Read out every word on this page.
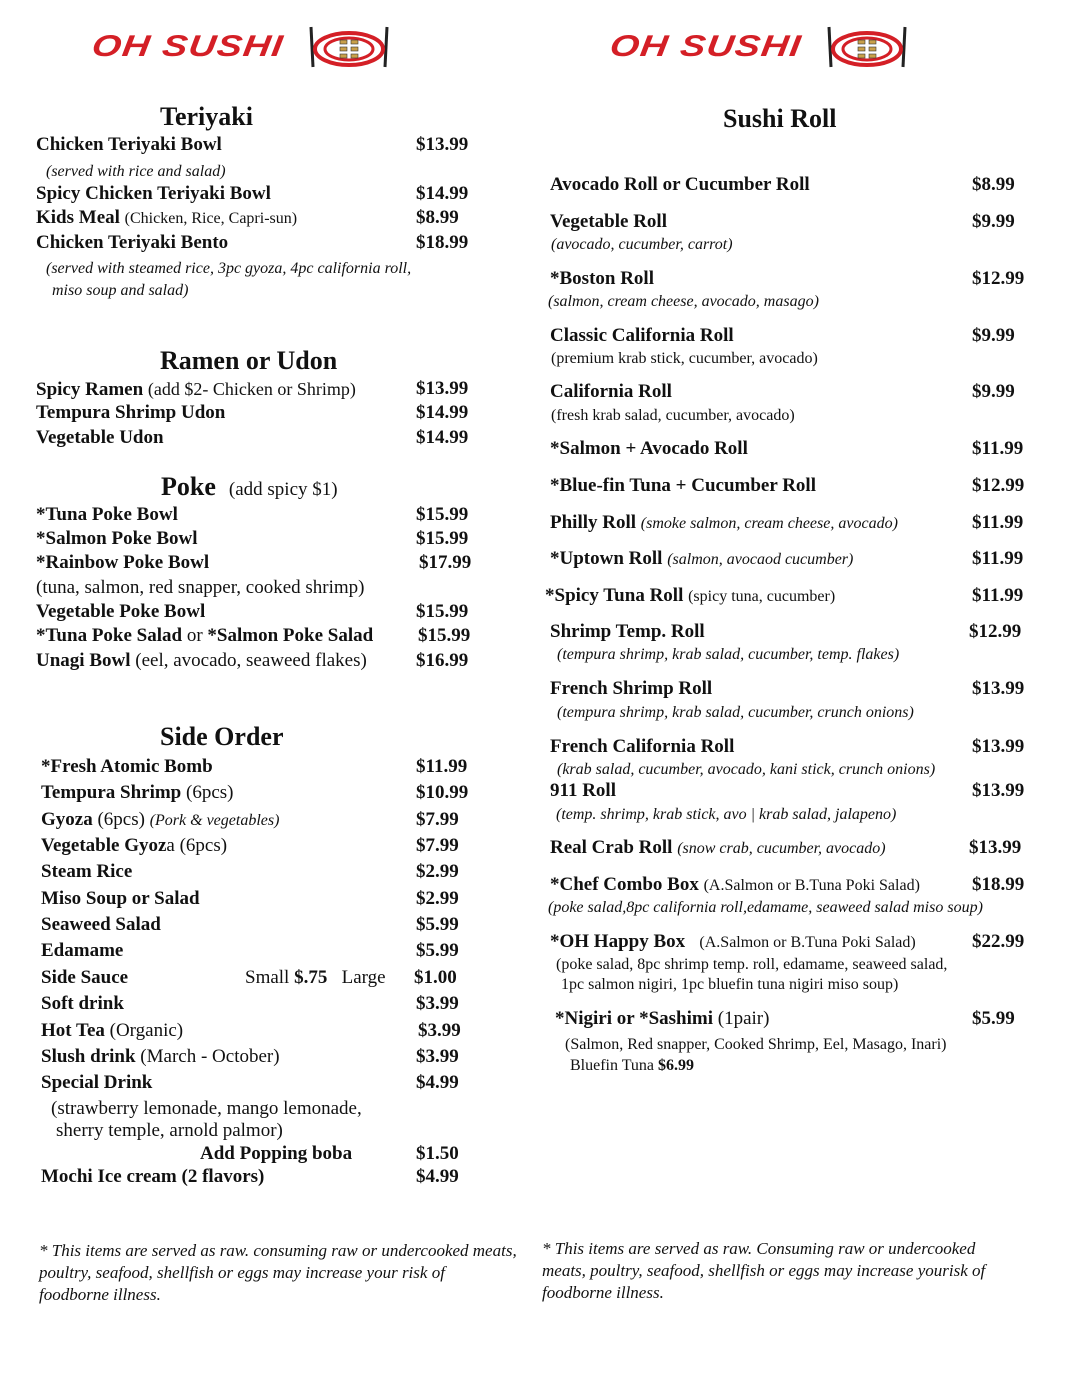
OH SUSHI	OH SUSHI
Teriyaki
Chicken Teriyaki Bowl	$13.99
(served with rice and salad)
Spicy Chicken Teriyaki Bowl	$14.99
Kids Meal (Chicken, Rice, Capri-sun)	$8.99
Chicken Teriyaki Bento	$18.99
(served with steamed rice, 3pc gyoza, 4pc california roll,
miso soup and salad)
Ramen or Udon
Spicy Ramen (add $2- Chicken or Shrimp)	$13.99
Tempura Shrimp Udon	$14.99
Vegetable Udon	$14.99
Poke (add spicy $1)
*Tuna Poke Bowl	$15.99
*Salmon Poke Bowl	$15.99
*Rainbow Poke Bowl	$17.99
(tuna, salmon, red snapper, cooked shrimp)
Vegetable Poke Bowl	$15.99
*Tuna Poke Salad or *Salmon Poke Salad $15.99
Unagi Bowl (eel, avocado, seaweed flakes)	$16.99
Side Order
*Fresh Atomic Bomb	$11.99
Tempura Shrimp (6pcs)	$10.99
Gyoza (6pcs) (Pork & vegetables)	$7.99
Vegetable Gyoza (6pcs)	$7.99
Steam Rice	$2.99
Miso Soup or Salad	$2.99
Seaweed Salad	$5.99
Edamame	$5.99
Side Sauce	Small $.75 Large $1.00
Soft drink	$3.99
Hot Tea (Organic)	$3.99
Slush drink (March - October)	$3.99
Special Drink	$4.99
(strawberry lemonade, mango lemonade,
sherry temple, arnold palmor)
Add Popping boba	$1.50
Mochi Ice cream (2 flavors)	$4.99
* This items are served as raw. consuming raw or undercooked meats, poultry, seafood, shellfish or eggs may increase your risk of foodborne illness.
Sushi Roll
Avocado Roll or Cucumber Roll	$8.99
Vegetable Roll	$9.99
(avocado, cucumber, carrot)
*Boston Roll	$12.99
(salmon, cream cheese, avocado, masago)
Classic California Roll	$9.99
(premium krab stick, cucumber, avocado)
California Roll	$9.99
(fresh krab salad, cucumber, avocado)
*Salmon + Avocado Roll	$11.99
*Blue-fin Tuna + Cucumber Roll	$12.99
Philly Roll (smoke salmon, cream cheese, avocado)	$11.99
*Uptown Roll (salmon, avocaod cucumber)	$11.99
*Spicy Tuna Roll (spicy tuna, cucumber)	$11.99
Shrimp Temp. Roll	$12.99
(tempura shrimp, krab salad, cucumber, temp. flakes)
French Shrimp Roll	$13.99
(tempura shrimp, krab salad, cucumber, crunch onions)
French California Roll	$13.99
(krab salad, cucumber, avocado, kani stick, crunch onions)
911 Roll	$13.99
(temp. shrimp, krab stick, avo | krab salad, jalapeno)
Real Crab Roll (snow crab, cucumber, avocado)	$13.99
*Chef Combo Box (A.Salmon or B.Tuna Poki Salad)	$18.99
(poke salad,8pc california roll,edamame, seaweed salad miso soup)
*OH Happy Box (A.Salmon or B.Tuna Poki Salad)	$22.99
(poke salad, 8pc shrimp temp. roll, edamame, seaweed salad,
1pc salmon nigiri, 1pc bluefin tuna nigiri miso soup)
*Nigiri or *Sashimi (1pair)	$5.99
(Salmon, Red snapper, Cooked Shrimp, Eel, Masago, Inari)
Bluefin Tuna $6.99
* This items are served as raw. Consuming raw or undercooked meats, poultry, seafood, shellfish or eggs may increase yourisk of foodborne illness.
